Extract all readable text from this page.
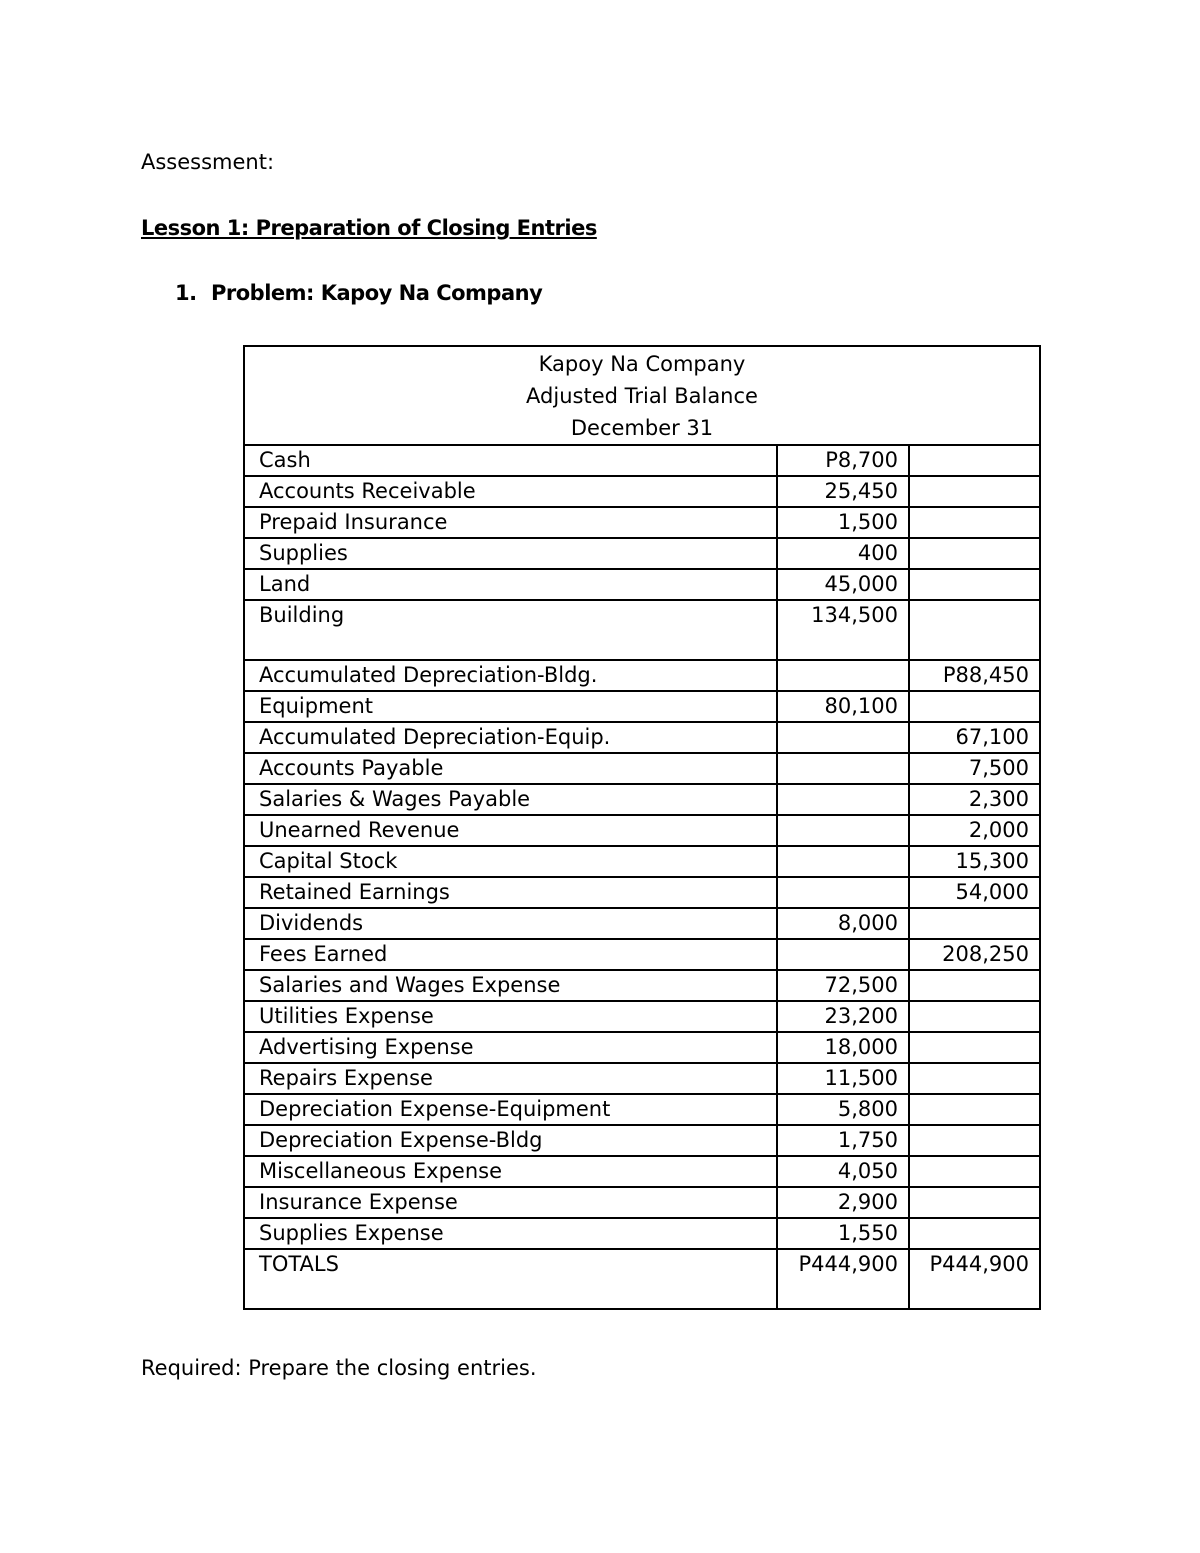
Assessment:
Lesson 1: Preparation of Closing Entries
1. Problem: Kapoy Na Company
Kapoy Na Company
Adjusted Trial Balance
December 31		

Cash	P8,700	
Accounts Receivable	25,450	
Prepaid Insurance	1,500	
Supplies	400	
Land	45,000	
Building	134,500	
Accumulated Depreciation-Bldg.		P88,450
Equipment	80,100	
Accumulated Depreciation-Equip.		67,100
Accounts Payable		7,500
Salaries & Wages Payable		2,300
Unearned Revenue		2,000
Capital Stock		15,300
Retained Earnings		54,000
Dividends	8,000	
Fees Earned		208,250
Salaries and Wages Expense	72,500	
Utilities Expense	23,200	
Advertising Expense	18,000	
Repairs Expense	11,500	
Depreciation Expense-Equipment	5,800	
Depreciation Expense-Bldg	1,750	
Miscellaneous Expense	4,050	
Insurance Expense	2,900	
Supplies Expense	1,550	
TOTALS	P444,900	P444,900
Required: Prepare the closing entries.
